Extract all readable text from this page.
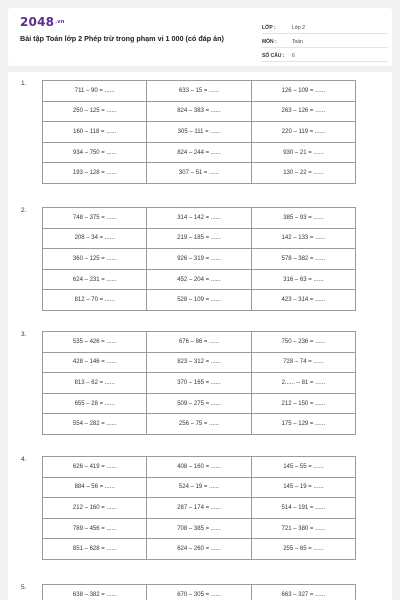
$2048^{.vn}$
Bài tập Toán lớp 2 Phép trừ trong phạm vi 1 000 (có đáp án)
LỚP :	Lớp 2
MÔN :	Toán
SỐ CÂU :	6
1.
711 – 90 = ......	633 – 15 = ......	126 – 109 = ......
250 – 125 = ......	824 – 383 = ......	263 – 126 = ......
160 – 118 = ......	305 – 111 = ......	220 – 119 = ......
934 – 750 = ......	824 – 244 = ......	930 – 21 = ......
193 – 128 = ......	307 – 51 = ......	130 – 22 = ......
2.
748 – 375 = ......	314 – 142 = ......	385 – 93 = ......
208 – 34 = ......	219 – 185 = ......	142 – 133 = ......
360 – 125 = ......	926 – 319 = ......	578 – 382 = ......
624 – 231 = ......	452 – 204 = ......	316 – 63 = ......
812 – 70 = ......	528 – 109 = ......	423 – 314 = ......
3.
535 – 426 = ......	676 – 86 = ......	750 – 236 = ......
428 – 146 = ......	823 – 312 = ......	728 – 74 = ......
813 – 62 = ......	370 – 165 = ......	2...... – 81 = ......
655 – 28 = ......	509 – 275 = ......	212 – 150 = ......
554 – 282 = ......	256 – 75 = ......	175 – 129 = ......
4.
626 – 419 = ......	408 – 160 = ......	145 – 55 = ......
884 – 56 = ......	524 – 19 = ......	145 – 19 = ......
212 – 160 = ......	287 – 174 = ......	514 – 191 = ......
789 – 456 = ......	708 – 385 = ......	721 – 380 = ......
851 – 628 = ......	624 – 260 = ......	255 – 65 = ......
5.
638 – 382 = ......	670 – 305 = ......	663 – 327 = ......
